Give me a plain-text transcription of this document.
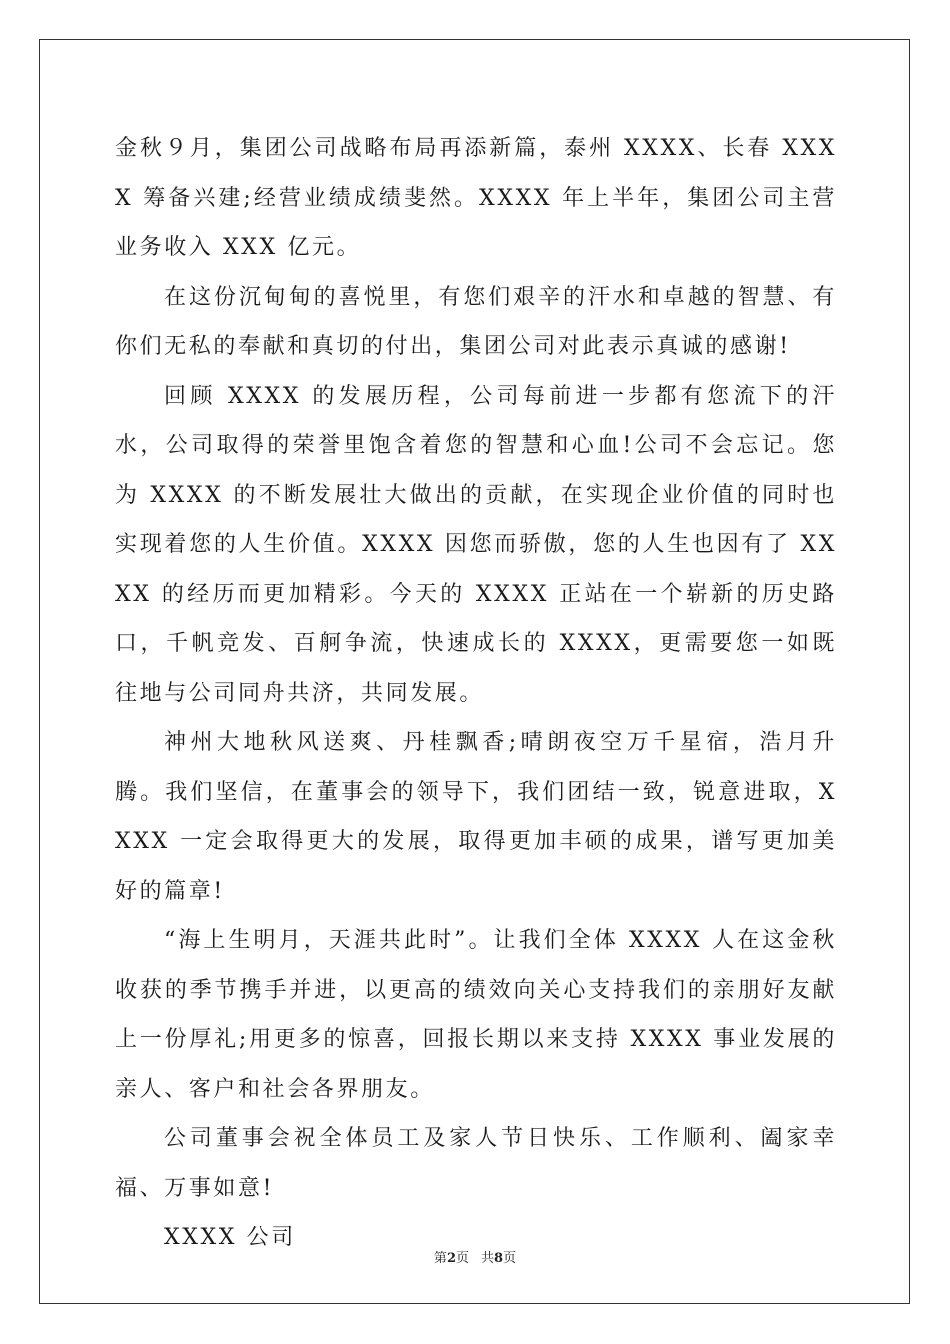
金秋９月，集团公司战略布局再添新篇，泰州 XXXX、长春 XXXX 筹备兴建;经营业绩成绩斐然。XXXX 年上半年，集团公司主营业务收入 XXX 亿元。

在这份沉甸甸的喜悦里，有您们艰辛的汗水和卓越的智慧、有你们无私的奉献和真切的付出，集团公司对此表示真诚的感谢!

回顾 XXXX 的发展历程，公司每前进一步都有您流下的汗水，公司取得的荣誉里饱含着您的智慧和心血!公司不会忘记。您为 XXXX 的不断发展壮大做出的贡献，在实现企业价值的同时也实现着您的人生价值。XXXX 因您而骄傲，您的人生也因有了 XXXX 的经历而更加精彩。今天的 XXXX 正站在一个崭新的历史路口，千帆竞发、百舸争流，快速成长的 XXXX，更需要您一如既往地与公司同舟共济，共同发展。

神州大地秋风送爽、丹桂飘香;晴朗夜空万千星宿，浩月升腾。我们坚信，在董事会的领导下，我们团结一致，锐意进取，XXXX 一定会取得更大的发展，取得更加丰硕的成果，谱写更加美好的篇章!

“海上生明月，天涯共此时”。让我们全体 XXXX 人在这金秋收获的季节携手并进，以更高的绩效向关心支持我们的亲朋好友献上一份厚礼;用更多的惊喜，回报长期以来支持 XXXX 事业发展的亲人、客户和社会各界朋友。

公司董事会祝全体员工及家人节日快乐、工作顺利、阖家幸福、万事如意!

XXXX 公司

第2页 共8页
